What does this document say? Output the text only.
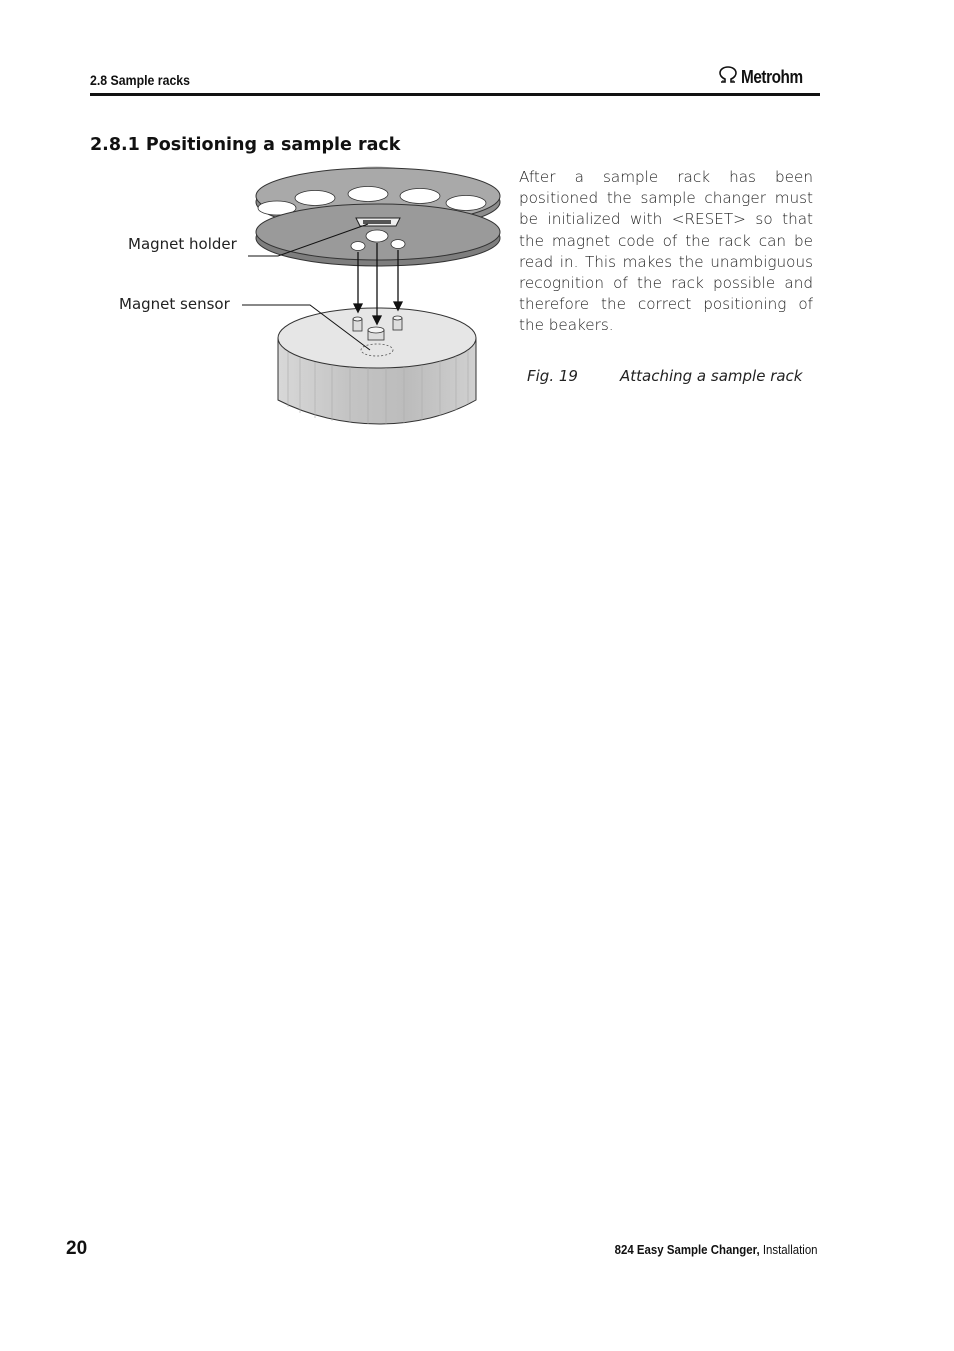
2.8 Sample racks	Metrohm
2.8.1 Positioning a sample rack
After a sample rack has been positioned the sample changer must be initialized with <RESET> so that the magnet code of the rack can be read in. This makes the unambiguous recognition of the rack possible and therefore the correct positioning of the beakers.
Magnet holder
Magnet sensor
Fig. 19	Attaching a sample rack
20	824 Easy Sample Changer, Installation
